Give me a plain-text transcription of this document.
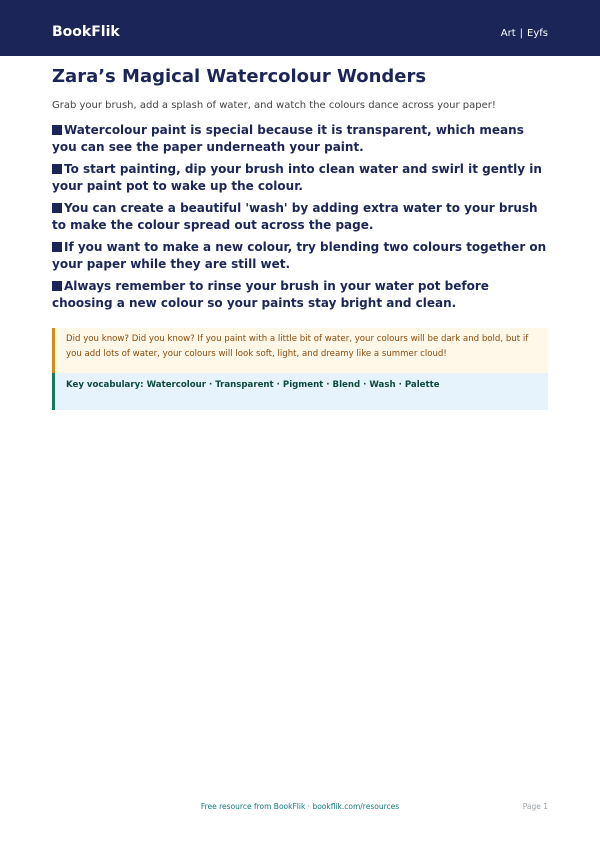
BookFlik	Art | Eyfs
Zara’s Magical Watercolour Wonders

Grab your brush, add a splash of water, and watch the colours dance across your paper!

Watercolour paint is special because it is transparent, which means you can see the paper underneath your paint.
To start painting, dip your brush into clean water and swirl it gently in your paint pot to wake up the colour.
You can create a beautiful 'wash' by adding extra water to your brush to make the colour spread out across the page.
If you want to make a new colour, try blending two colours together on your paper while they are still wet.
Always remember to rinse your brush in your water pot before choosing a new colour so your paints stay bright and clean.
Did you know? Did you know? If you paint with a little bit of water, your colours will be dark and bold, but if you add lots of water, your colours will look soft, light, and dreamy like a summer cloud!
Key vocabulary: Watercolour · Transparent · Pigment · Blend · Wash · Palette
Free resource from BookFlik · bookflik.com/resources	Page 1
